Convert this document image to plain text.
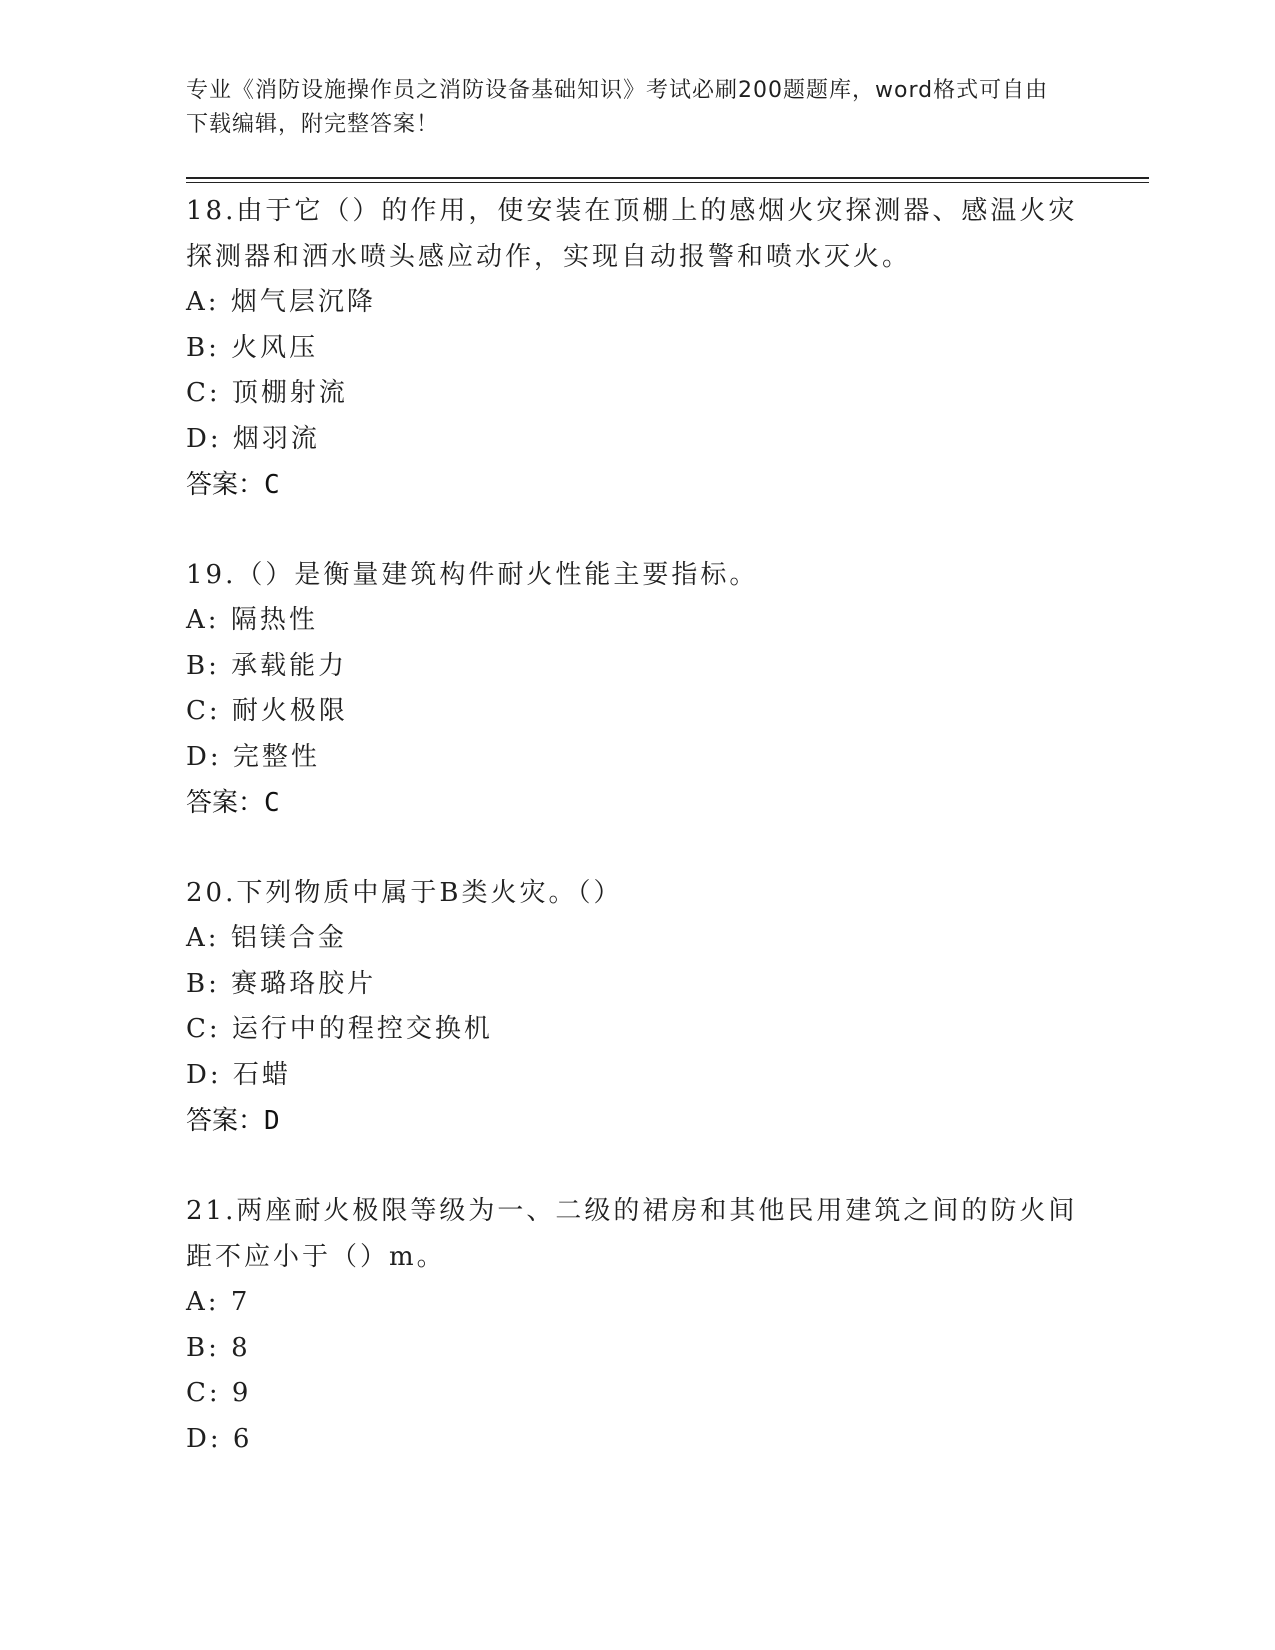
专业《消防设施操作员之消防设备基础知识》考试必刷200题题库，word格式可自由下载编辑，附完整答案！

18.由于它（）的作用，使安装在顶棚上的感烟火灾探测器、感温火灾探测器和洒水喷头感应动作，实现自动报警和喷水灭火。

A: 烟气层沉降

B: 火风压

C: 顶棚射流

D: 烟羽流

答案：C

19.（）是衡量建筑构件耐火性能主要指标。

A: 隔热性

B: 承载能力

C: 耐火极限

D: 完整性

答案：C

20.下列物质中属于B类火灾。（）

A: 铝镁合金

B: 赛璐珞胶片

C: 运行中的程控交换机

D: 石蜡

答案：D

21.两座耐火极限等级为一、二级的裙房和其他民用建筑之间的防火间距不应小于（）m。

A: 7

B: 8

C: 9

D: 6
